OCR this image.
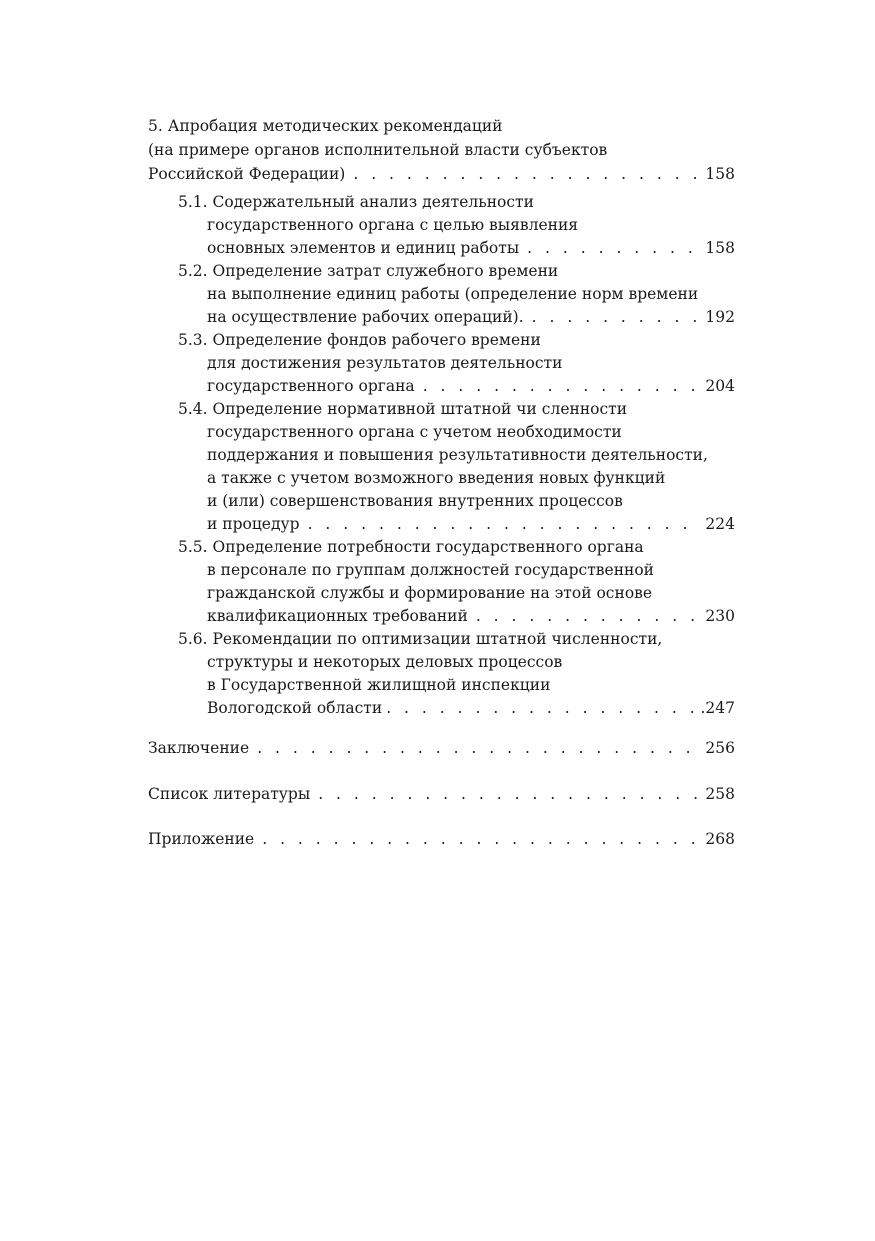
5. Апробация методических рекомендаций
(на примере органов исполнительной власти субъектов
Российской Федерации) . . .	158
5.1. Содержательный анализ деятельности
государственного органа с целью выявления
основных элементов и единиц работы . . .	158
5.2. Определение затрат служебного времени
на выполнение единиц работы (определение норм времени
на осуществление рабочих операций). . . .	192
5.3. Определение фондов рабочего времени
для достижения результатов деятельности
государственного органа . . .	204
5.4. Определение нормативной штатной чи сленности
государственного органа с учетом необходимости
поддержания и повышения результативности деятельности,
а также с учетом возможного введения новых функций
и (или) совершенствования внутренних процессов
и процедур . . .	224
5.5. Определение потребности государственного органа
в персонале по группам должностей государственной
гражданской службы и формирование на этой основе
квалификационных требований . . .	230
5.6. Рекомендации по оптимизации штатной численности,
структуры и некоторых деловых процессов
в Государственной жилищной инспекции
Вологодской области . . .	.247
Заключение . . .	256
Список литературы . . .	258
Приложение . . .	268
